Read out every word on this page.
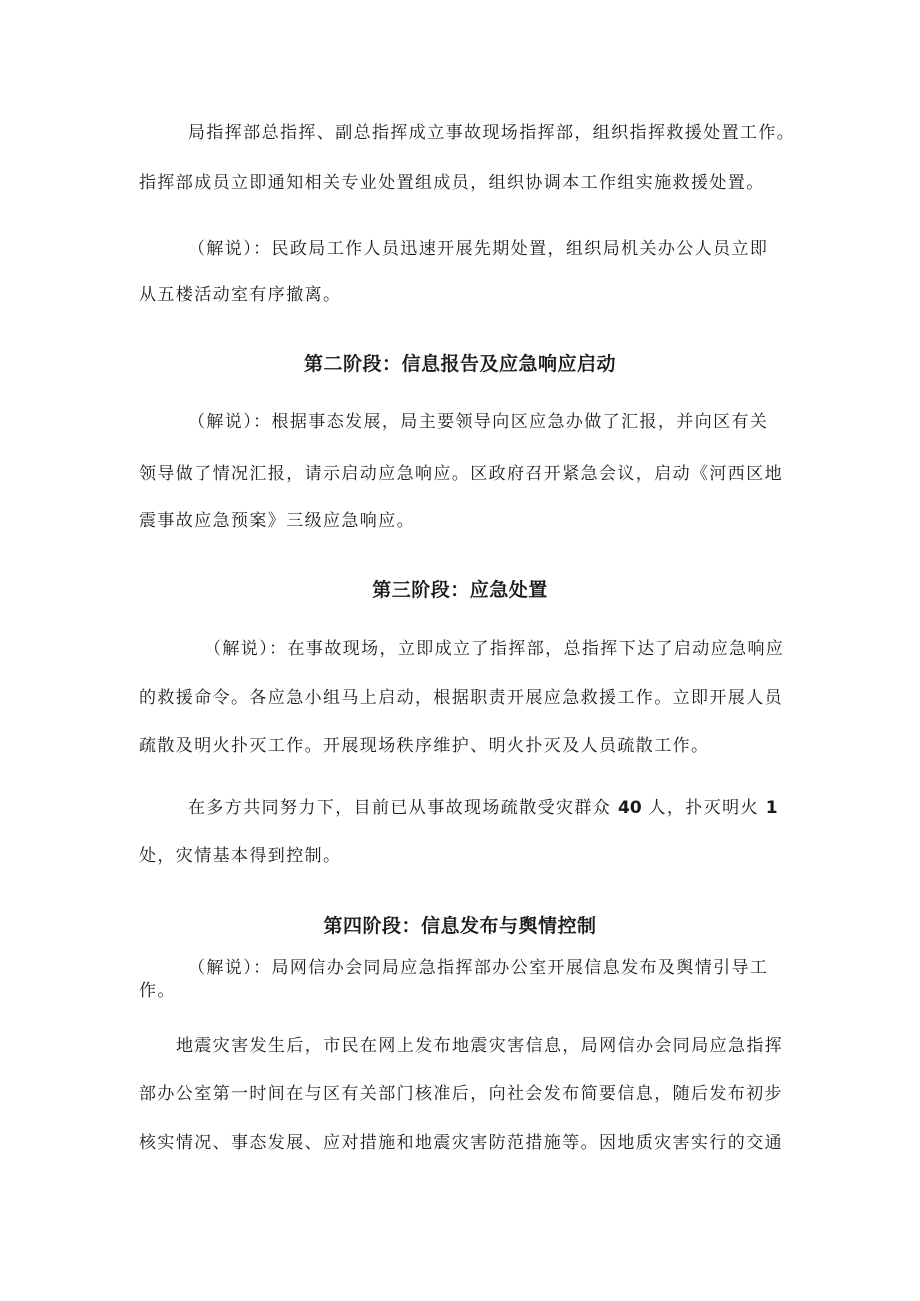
局指挥部总指挥、副总指挥成立事故现场指挥部，组织指挥救援处置工作。
指挥部成员立即通知相关专业处置组成员，组织协调本工作组实施救援处置。
（解说）：民政局工作人员迅速开展先期处置，组织局机关办公人员立即
从五楼活动室有序撤离。
第二阶段：信息报告及应急响应启动
（解说）：根据事态发展，局主要领导向区应急办做了汇报，并向区有关
领导做了情况汇报，请示启动应急响应。区政府召开紧急会议，启动《河西区地
震事故应急预案》三级应急响应。
第三阶段：应急处置
（解说）：在事故现场，立即成立了指挥部，总指挥下达了启动应急响应
的救援命令。各应急小组马上启动，根据职责开展应急救援工作。立即开展人员
疏散及明火扑灭工作。开展现场秩序维护、明火扑灭及人员疏散工作。
在多方共同努力下，目前已从事故现场疏散受灾群众 40 人，扑灭明火 1
处，灾情基本得到控制。
第四阶段：信息发布与舆情控制
（解说）：局网信办会同局应急指挥部办公室开展信息发布及舆情引导工
作。
地震灾害发生后，市民在网上发布地震灾害信息，局网信办会同局应急指挥
部办公室第一时间在与区有关部门核准后，向社会发布简要信息，随后发布初步
核实情况、事态发展、应对措施和地震灾害防范措施等。因地质灾害实行的交通
